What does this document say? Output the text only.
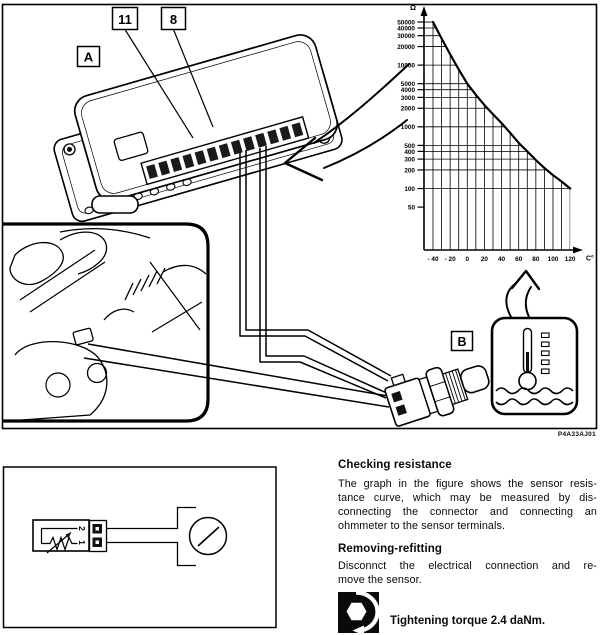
11	8
A
B
Ω
C°
50000
40000
30000
20000
10000
5000
4000
3000
2000
1000
500
400
300
200
100
50
- 40 - 20 0 20 40 60 80 100 120
2
1
P4A33AJ01
Checking resistance
The graph in the figure shows the sensor resis-
tance curve, which may be measured by dis-
connecting the connector and connecting an
ohmmeter to the sensor terminals.
Removing-refitting
Disconnct the electrical connection and re-
move the sensor.
Tightening torque 2.4 daNm.
